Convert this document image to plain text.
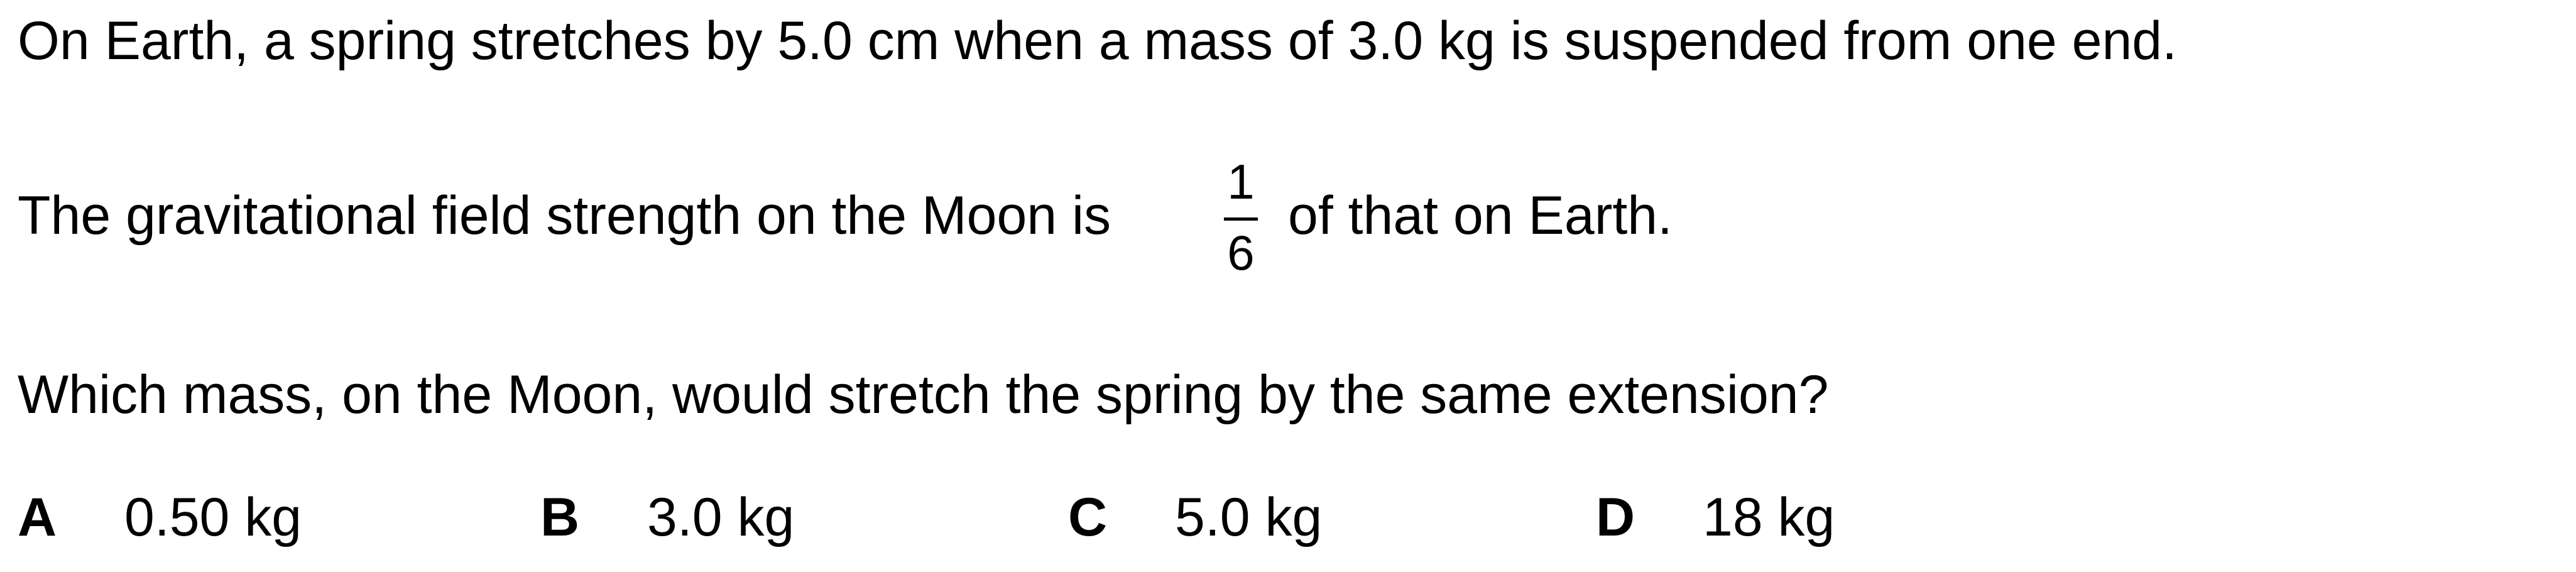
On Earth, a spring stretches by 5.0 cm when a mass of 3.0 kg is suspended from one end.
The gravitational field strength on the Moon is
1
6
of that on Earth.
Which mass, on the Moon, would stretch the spring by the same extension?
A 0.50 kg	B 3.0 kg	C 5.0 kg	D 18 kg
